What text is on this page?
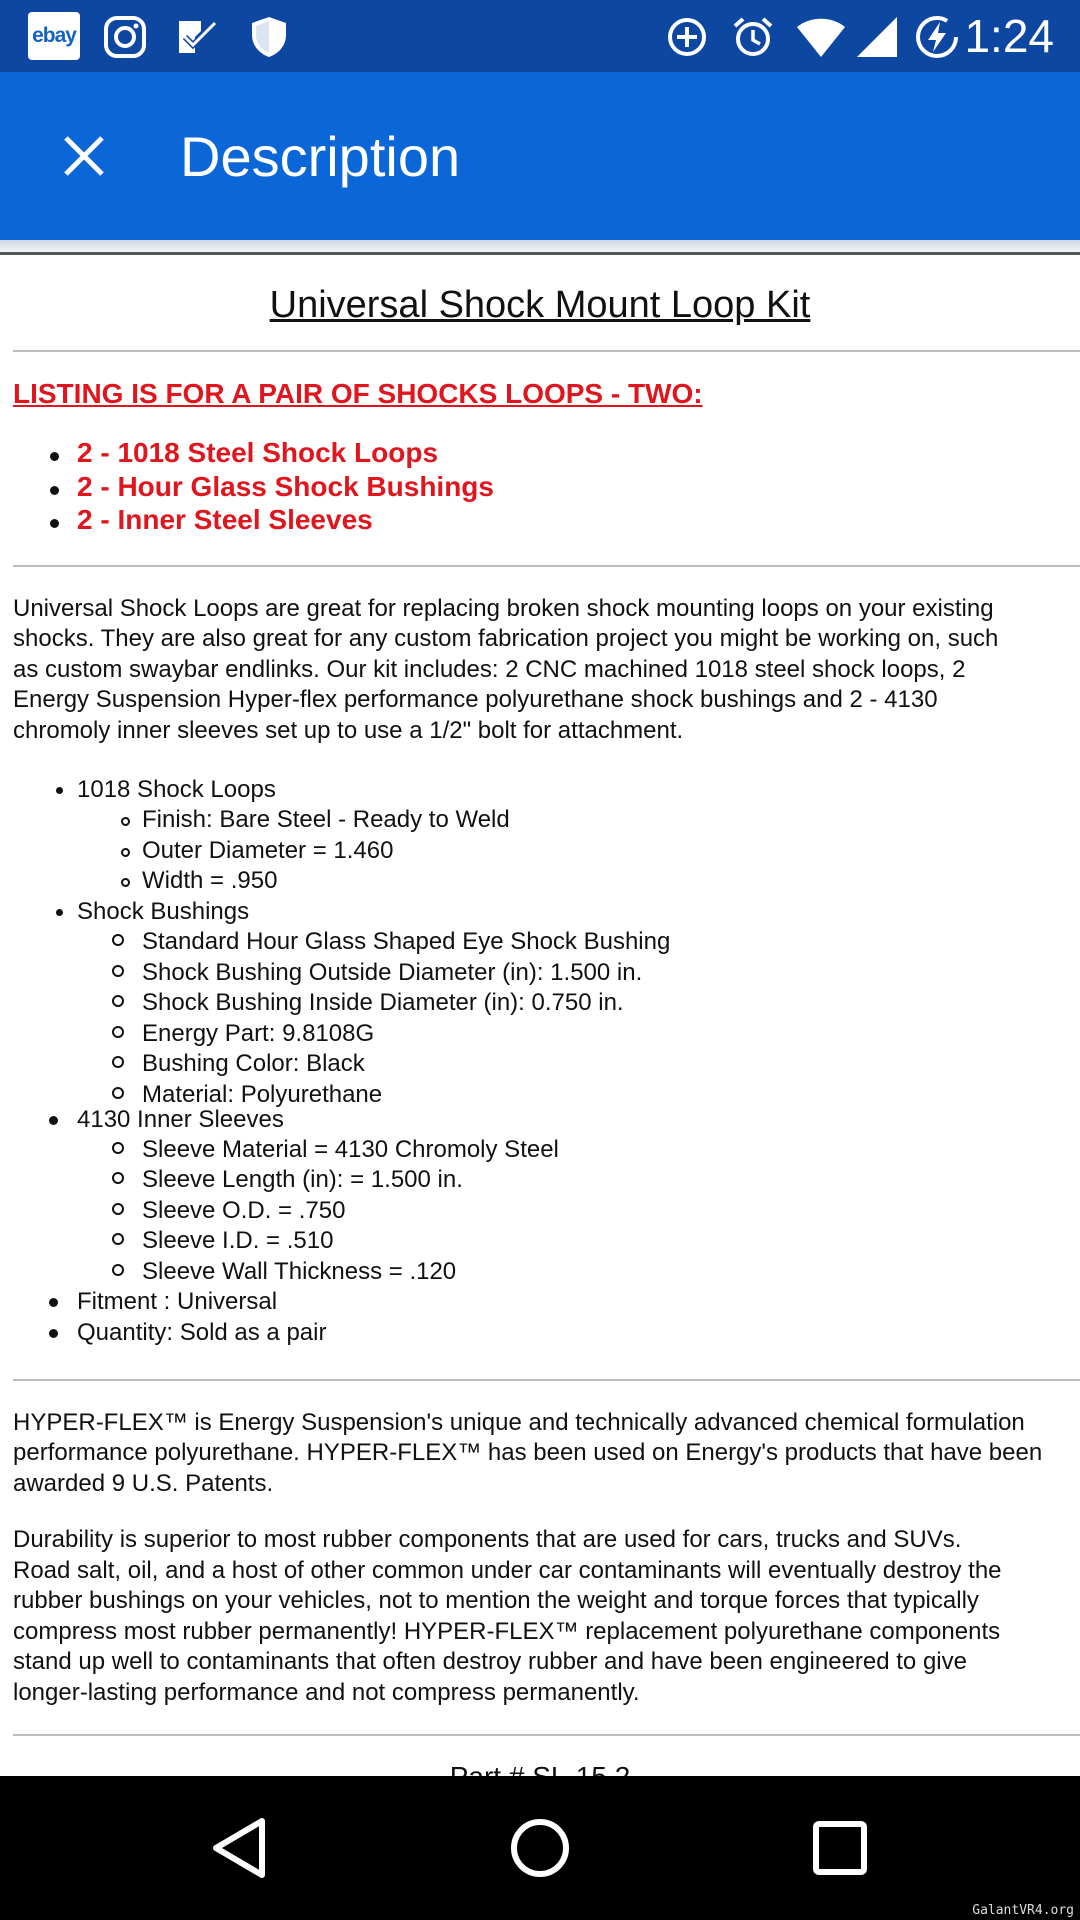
ebay	1:24
Description
Universal Shock Mount Loop Kit
LISTING IS FOR A PAIR OF SHOCKS LOOPS - TWO:
2 - 1018 Steel Shock Loops
2 - Hour Glass Shock Bushings
2 - Inner Steel Sleeves
Universal Shock Loops are great for replacing broken shock mounting loops on your existing
shocks. They are also great for any custom fabrication project you might be working on, such
as custom swaybar endlinks. Our kit includes: 2 CNC machined 1018 steel shock loops, 2
Energy Suspension Hyper-flex performance polyurethane shock bushings and 2 - 4130
chromoly inner sleeves set up to use a 1/2" bolt for attachment.
1018 Shock Loops
Finish: Bare Steel - Ready to Weld
Outer Diameter = 1.460
Width = .950
Shock Bushings
Standard Hour Glass Shaped Eye Shock Bushing
Shock Bushing Outside Diameter (in): 1.500 in.
Shock Bushing Inside Diameter (in): 0.750 in.
Energy Part: 9.8108G
Bushing Color: Black
Material: Polyurethane
4130 Inner Sleeves
Sleeve Material = 4130 Chromoly Steel
Sleeve Length (in): = 1.500 in.
Sleeve O.D. = .750
Sleeve I.D. = .510
Sleeve Wall Thickness = .120
Fitment : Universal
Quantity: Sold as a pair
HYPER-FLEX™ is Energy Suspension's unique and technically advanced chemical formulation
performance polyurethane. HYPER-FLEX™ has been used on Energy's products that have been
awarded 9 U.S. Patents.
Durability is superior to most rubber components that are used for cars, trucks and SUVs.
Road salt, oil, and a host of other common under car contaminants will eventually destroy the
rubber bushings on your vehicles, not to mention the weight and torque forces that typically
compress most rubber permanently! HYPER-FLEX™ replacement polyurethane components
stand up well to contaminants that often destroy rubber and have been engineered to give
longer-lasting performance and not compress permanently.
GalantVR4.org
